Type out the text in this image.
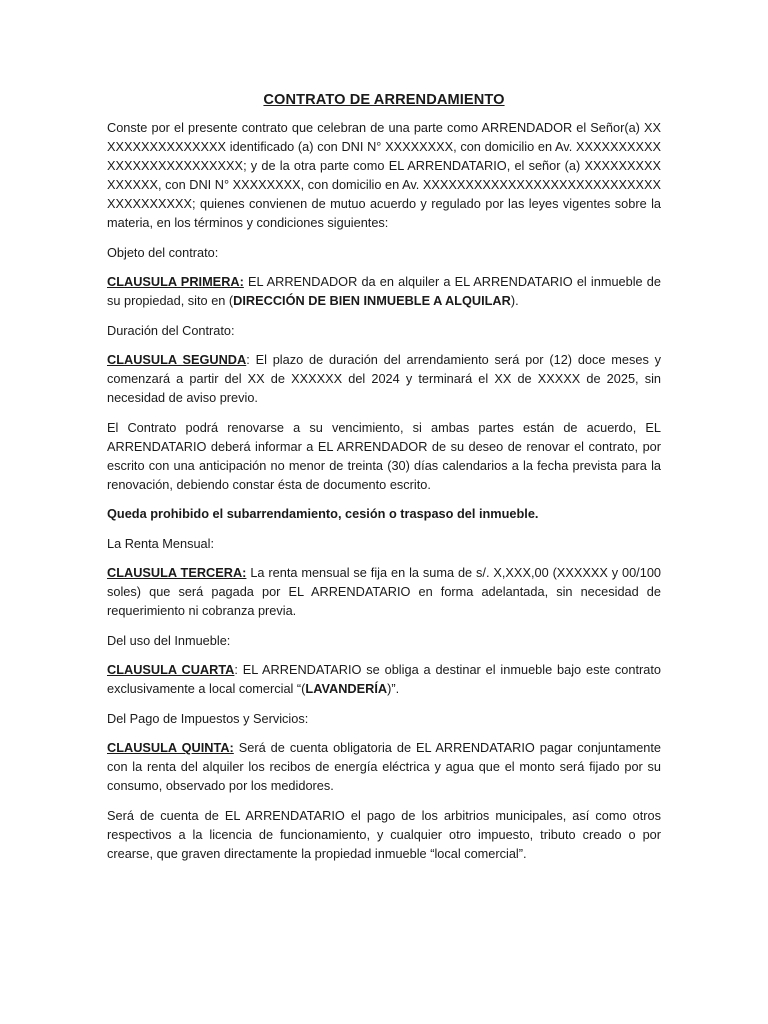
CONTRATO DE ARRENDAMIENTO

Conste por el presente contrato que celebran de una parte como ARRENDADOR el Señor(a) XXXXXXXXXXXXXXXX identificado (a) con DNI N° XXXXXXXX, con domicilio en Av. XXXXXXXXXXXXXXXXXXXXXXXXXX; y de la otra parte como EL ARRENDATARIO, el señor (a) XXXXXXXXXXXXXXX, con DNI N° XXXXXXXX, con domicilio en Av. XXXXXXXXXXXXXXXXXXXXXXXXXXXXXXXXXXXXXX; quienes convienen de mutuo acuerdo y regulado por las leyes vigentes sobre la materia, en los términos y condiciones siguientes:

Objeto del contrato:

CLAUSULA PRIMERA: EL ARRENDADOR da en alquiler a EL ARRENDATARIO el inmueble de su propiedad, sito en (DIRECCIÓN DE BIEN INMUEBLE A ALQUILAR).

Duración del Contrato:

CLAUSULA SEGUNDA: El plazo de duración del arrendamiento será por (12) doce meses y comenzará a partir del XX de XXXXXX del 2024 y terminará el XX de XXXXX de 2025, sin necesidad de aviso previo.

El Contrato podrá renovarse a su vencimiento, si ambas partes están de acuerdo, EL ARRENDATARIO deberá informar a EL ARRENDADOR de su deseo de renovar el contrato, por escrito con una anticipación no menor de treinta (30) días calendarios a la fecha prevista para la renovación, debiendo constar ésta de documento escrito.

Queda prohibido el subarrendamiento, cesión o traspaso del inmueble.

La Renta Mensual:

CLAUSULA TERCERA: La renta mensual se fija en la suma de s/. X,XXX,00 (XXXXXX y 00/100 soles) que será pagada por EL ARRENDATARIO en forma adelantada, sin necesidad de requerimiento ni cobranza previa.

Del uso del Inmueble:

CLAUSULA CUARTA: EL ARRENDATARIO se obliga a destinar el inmueble bajo este contrato exclusivamente a local comercial “(LAVANDERÍA)”.

Del Pago de Impuestos y Servicios:

CLAUSULA QUINTA: Será de cuenta obligatoria de EL ARRENDATARIO pagar conjuntamente con la renta del alquiler los recibos de energía eléctrica y agua que el monto será fijado por su consumo, observado por los medidores.

Será de cuenta de EL ARRENDATARIO el pago de los arbitrios municipales, así como otros respectivos a la licencia de funcionamiento, y cualquier otro impuesto, tributo creado o por crearse, que graven directamente la propiedad inmueble “local comercial”.
